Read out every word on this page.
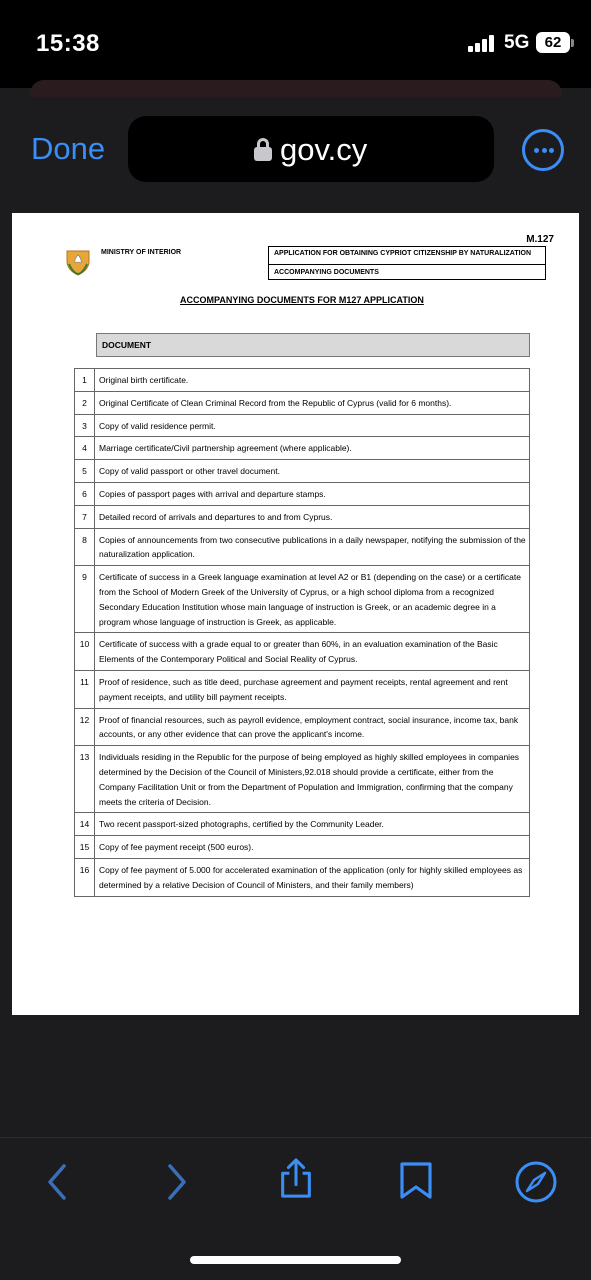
15:38	5G	62
Done	gov.cy
M.127
MINISTRY OF INTERIOR	APPLICATION FOR OBTAINING CYPRIOT CITIZENSHIP BY NATURALIZATION
ACCOMPANYING DOCUMENTS
ACCOMPANYING DOCUMENTS FOR M127 APPLICATION
DOCUMENT
1	Original birth certificate.
2	Original Certificate of Clean Criminal Record from the Republic of Cyprus (valid for 6 months).
3	Copy of valid residence permit.
4	Marriage certificate/Civil partnership agreement (where applicable).
5	Copy of valid passport or other travel document.
6	Copies of passport pages with arrival and departure stamps.
7	Detailed record of arrivals and departures to and from Cyprus.
8	Copies of announcements from two consecutive publications in a daily newspaper, notifying the submission of the naturalization application.
9	Certificate of success in a Greek language examination at level A2 or B1 (depending on the case) or a certificate from the School of Modern Greek of the University of Cyprus, or a high school diploma from a recognized Secondary Education Institution whose main language of instruction is Greek, or an academic degree in a program whose language of instruction is Greek, as applicable.
10	Certificate of success with a grade equal to or greater than 60%, in an evaluation examination of the Basic Elements of the Contemporary Political and Social Reality of Cyprus.
11	Proof of residence, such as title deed, purchase agreement and payment receipts, rental agreement and rent payment receipts, and utility bill payment receipts.
12	Proof of financial resources, such as payroll evidence, employment contract, social insurance, income tax, bank accounts, or any other evidence that can prove the applicant's income.
13	Individuals residing in the Republic for the purpose of being employed as highly skilled employees in companies determined by the Decision of the Council of Ministers,92.018 should provide a certificate, either from the Company Facilitation Unit or from the Department of Population and Immigration, confirming that the company meets the criteria of Decision.
14	Two recent passport-sized photographs, certified by the Community Leader.
15	Copy of fee payment receipt (500 euros).
16	Copy of fee payment of 5.000 for accelerated examination of the application (only for highly skilled employees as determined by a relative Decision of Council of Ministers, and their family members)
